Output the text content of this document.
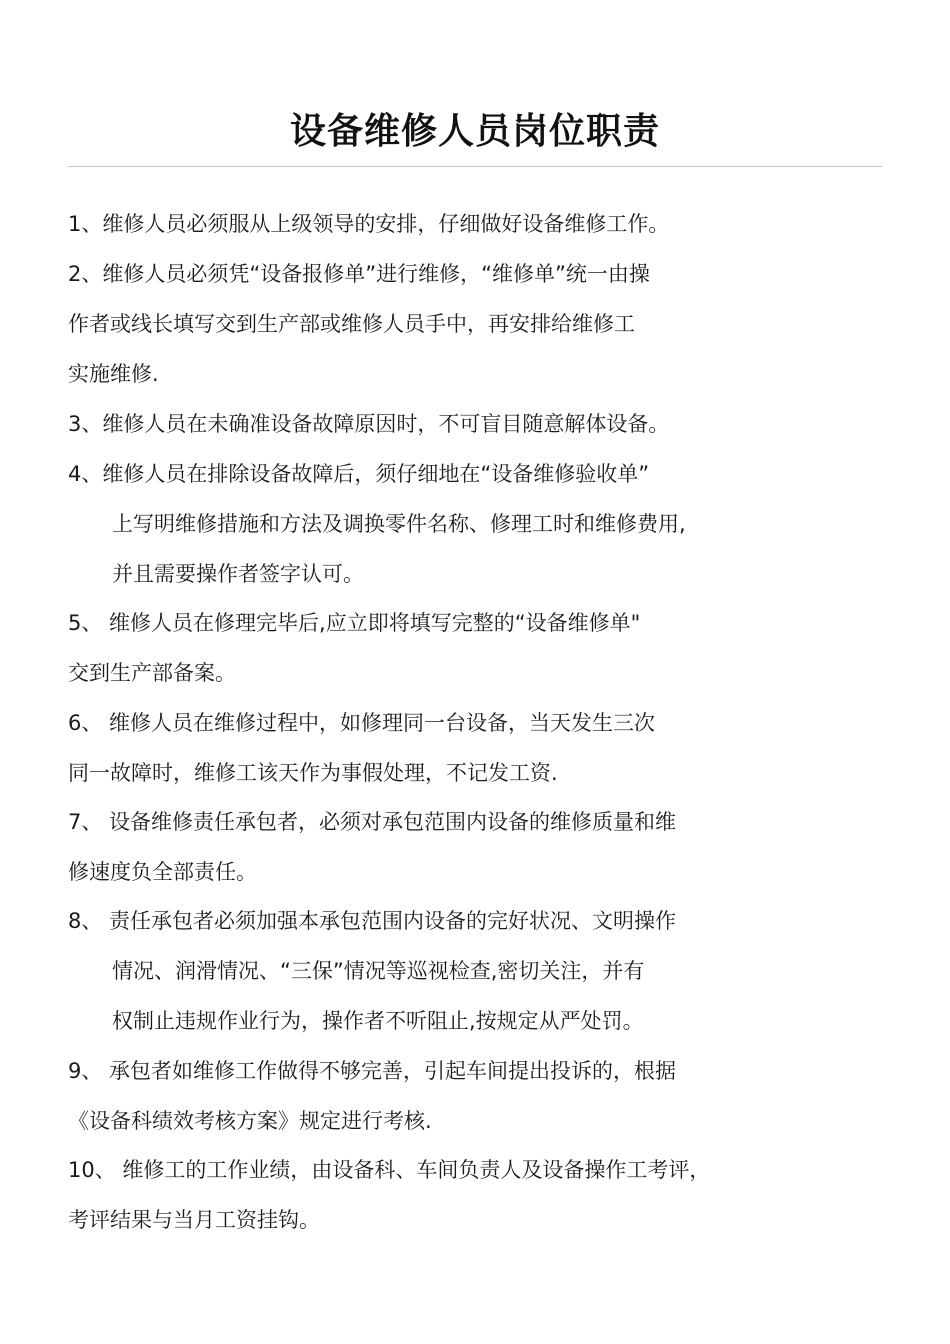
设备维修人员岗位职责

1、维修人员必须服从上级领导的安排，仔细做好设备维修工作。

2、维修人员必须凭“设备报修单”进行维修，“维修单”统一由操

作者或线长填写交到生产部或维修人员手中，再安排给维修工

实施维修.

3、维修人员在未确准设备故障原因时，不可盲目随意解体设备。

4、维修人员在排除设备故障后，须仔细地在“设备维修验收单”

上写明维修措施和方法及调换零件名称、修理工时和维修费用,

并且需要操作者签字认可。

5、 维修人员在修理完毕后,应立即将填写完整的“设备维修单"

交到生产部备案。

6、 维修人员在维修过程中，如修理同一台设备，当天发生三次

同一故障时，维修工该天作为事假处理，不记发工资.

7、 设备维修责任承包者，必须对承包范围内设备的维修质量和维

修速度负全部责任。

8、 责任承包者必须加强本承包范围内设备的完好状况、文明操作

情况、润滑情况、“三保”情况等巡视检查,密切关注，并有

权制止违规作业行为，操作者不听阻止,按规定从严处罚。

9、 承包者如维修工作做得不够完善，引起车间提出投诉的，根据

《设备科绩效考核方案》规定进行考核.

10、 维修工的工作业绩，由设备科、车间负责人及设备操作工考评，

考评结果与当月工资挂钩。
